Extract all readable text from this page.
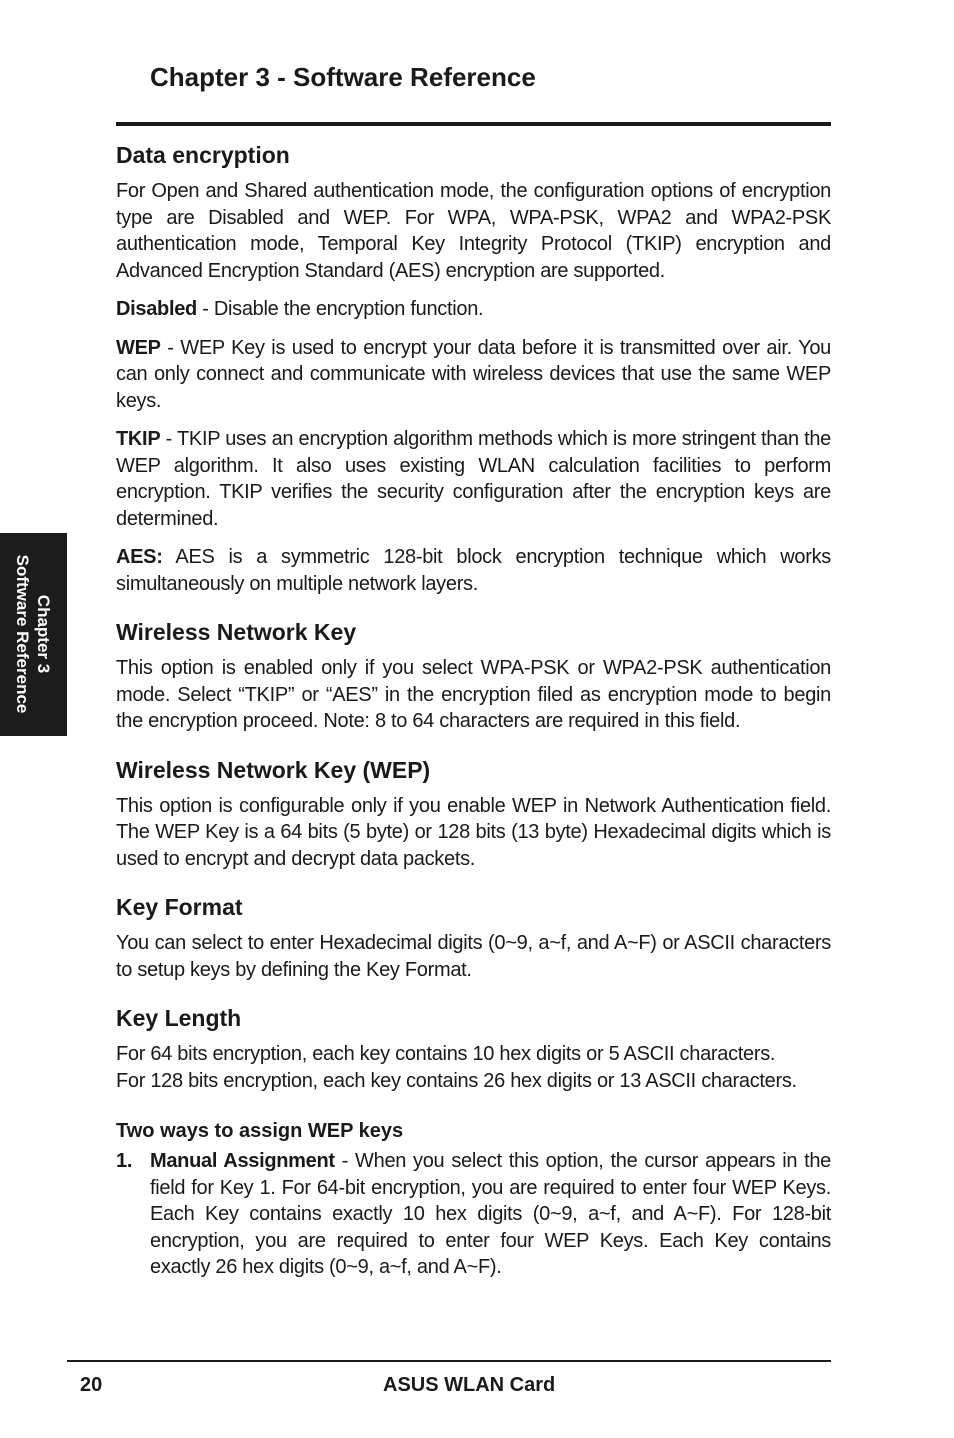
Chapter 3 - Software Reference
Chapter 3
Software Reference
Data encryption

For Open and Shared authentication mode, the configuration options of encryption type are Disabled and WEP. For WPA, WPA-PSK, WPA2 and WPA2-PSK authentication mode, Temporal Key Integrity Protocol (TKIP) encryption and Advanced Encryption Standard (AES) encryption are supported.

Disabled - Disable the encryption function.

WEP - WEP Key is used to encrypt your data before it is transmitted over air. You can only connect and communicate with wireless devices that use the same WEP keys.

TKIP - TKIP uses an encryption algorithm methods which is more stringent than the WEP algorithm. It also uses existing WLAN calculation facilities to perform encryption. TKIP verifies the security configuration after the encryption keys are determined.

AES: AES is a symmetric 128-bit block encryption technique which works simultaneously on multiple network layers.

Wireless Network Key

This option is enabled only if you select WPA-PSK or WPA2-PSK authentication mode. Select “TKIP” or “AES” in the encryption filed as encryption mode to begin the encryption proceed. Note: 8 to 64 characters are required in this field.

Wireless Network Key (WEP)

This option is configurable only if you enable WEP in Network Authentication field. The WEP Key is a 64 bits (5 byte) or 128 bits (13 byte) Hexadecimal digits which is used to encrypt and decrypt data packets.

Key Format

You can select to enter Hexadecimal digits (0~9, a~f, and A~F) or ASCII characters to setup keys by defining the Key Format.

Key Length

For 64 bits encryption, each key contains 10 hex digits or 5 ASCII characters.
For 128 bits encryption, each key contains 26 hex digits or 13 ASCII characters.

Two ways to assign WEP keys
1. Manual Assignment - When you select this option, the cursor appears in the field for Key 1. For 64-bit encryption, you are required to enter four WEP Keys. Each Key contains exactly 10 hex digits (0~9, a~f, and A~F). For 128-bit encryption, you are required to enter four WEP Keys. Each Key contains exactly 26 hex digits (0~9, a~f, and A~F).
20	ASUS WLAN Card
